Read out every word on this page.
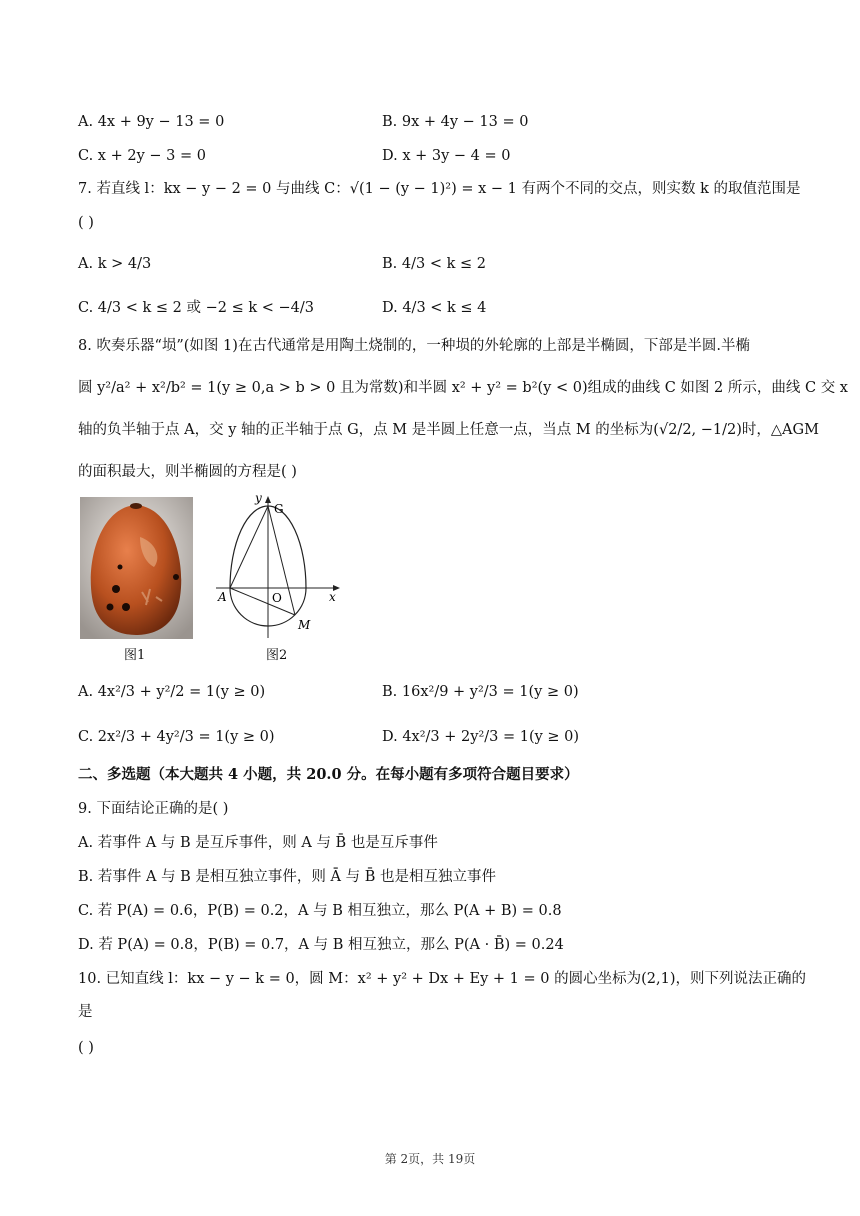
A. 4x + 9y − 13 = 0	B. 9x + 4y − 13 = 0
C. x + 2y − 3 = 0	D. x + 3y − 4 = 0
7. 若直线 l：kx − y − 2 = 0 与曲线 C：√(1 − (y − 1)²) = x − 1 有两个不同的交点，则实数 k 的取值范围是
( )
A. k > 4/3	B. 4/3 < k ≤ 2
C. 4/3 < k ≤ 2 或 −2 ≤ k < −4/3	D. 4/3 < k ≤ 4
8. 吹奏乐器“埙”(如图 1)在古代通常是用陶土烧制的，一种埙的外轮廓的上部是半椭圆，下部是半圆.半椭
圆 y²/a² + x²/b² = 1(y ≥ 0,a > b > 0 且为常数)和半圆 x² + y² = b²(y < 0)组成的曲线 C 如图 2 所示，曲线 C 交 x
轴的负半轴于点 A，交 y 轴的正半轴于点 G，点 M 是半圆上任意一点，当点 M 的坐标为(√2/2, −1/2)时，△AGM
的面积最大，则半椭圆的方程是( )
图1
y
G
O	x
A
M
图2
A. 4x²/3 + y²/2 = 1(y ≥ 0)	B. 16x²/9 + y²/3 = 1(y ≥ 0)
C. 2x²/3 + 4y²/3 = 1(y ≥ 0)	D. 4x²/3 + 2y²/3 = 1(y ≥ 0)
二、多选题（本大题共 4 小题，共 20.0 分。在每小题有多项符合题目要求）
9. 下面结论正确的是( )
A. 若事件 A 与 B 是互斥事件，则 A 与 B̄ 也是互斥事件
B. 若事件 A 与 B 是相互独立事件，则 Ā 与 B̄ 也是相互独立事件
C. 若 P(A) = 0.6，P(B) = 0.2，A 与 B 相互独立，那么 P(A + B) = 0.8
D. 若 P(A) = 0.8，P(B) = 0.7，A 与 B 相互独立，那么 P(A · B̄) = 0.24
10. 已知直线 l：kx − y − k = 0，圆 M：x² + y² + Dx + Ey + 1 = 0 的圆心坐标为(2,1)，则下列说法正确的
是
( )
第 2页，共 19页
